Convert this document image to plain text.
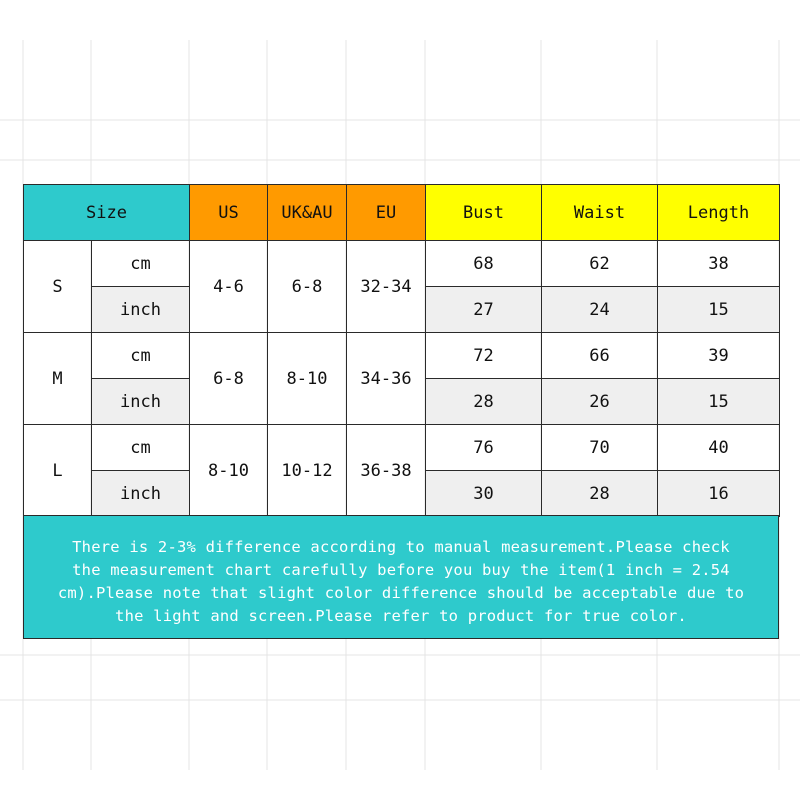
Size		US	UK&AU	EU	Bust	Waist	Length
S	cm	4-6	6-8	32-34	68	62	38
	inch				27	24	15
M	cm	6-8	8-10	34-36	72	66	39
	inch				28	26	15
L	cm	8-10	10-12	36-38	76	70	40
	inch				30	28	16
There is 2-3% difference according to manual measurement.Please check
the measurement chart carefully before you buy the item(1 inch = 2.54
cm).Please note that slight color difference should be acceptable due to
the light and screen.Please refer to product for true color.
